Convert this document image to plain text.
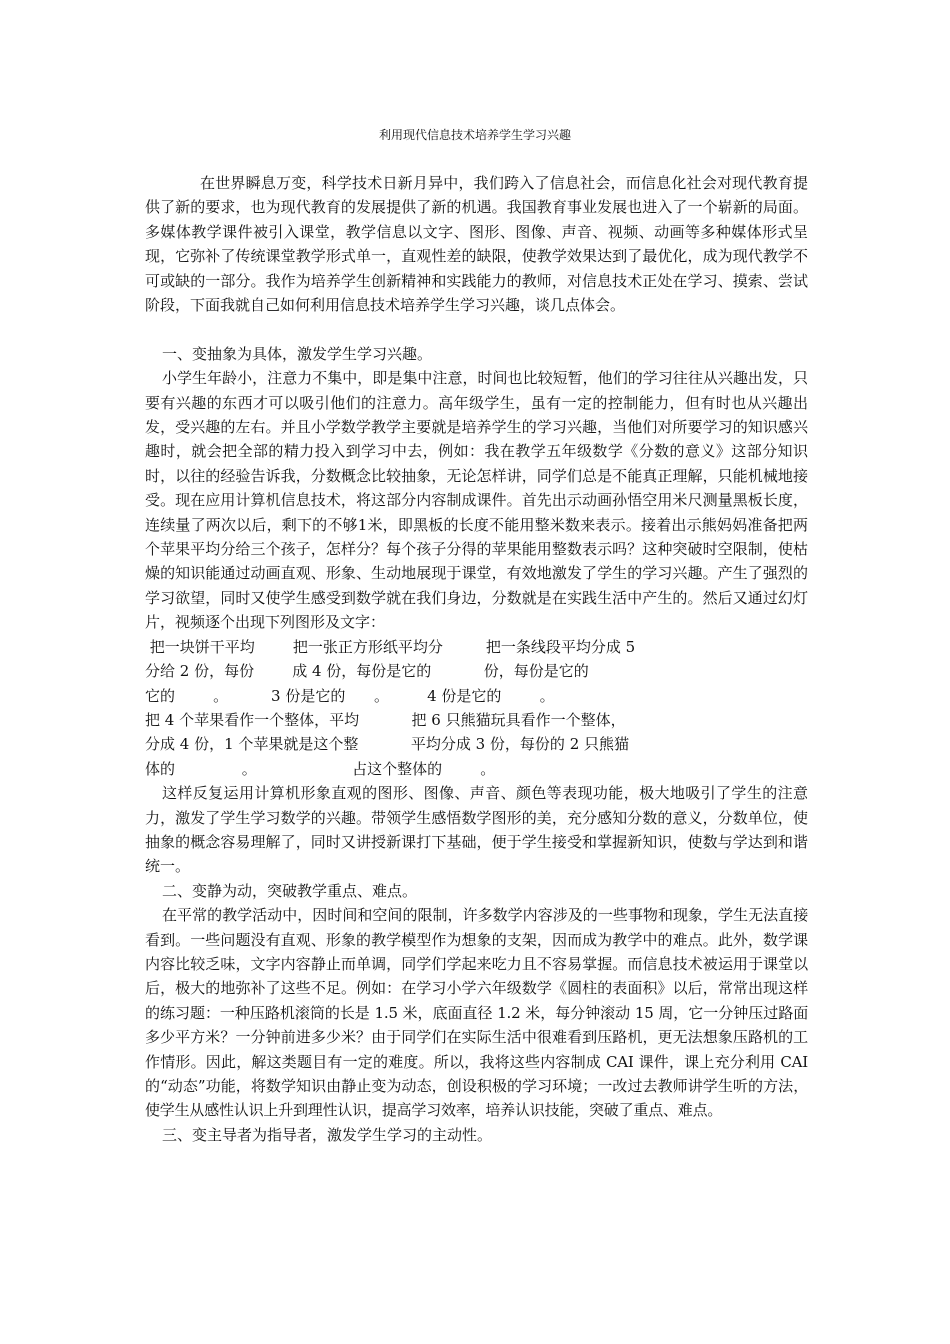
利用现代信息技术培养学生学习兴趣

在世界瞬息万变，科学技术日新月异中，我们跨入了信息社会，而信息化社会对现代教育提供了新的要求，也为现代教育的发展提供了新的机遇。我国教育事业发展也进入了一个崭新的局面。多媒体教学课件被引入课堂，教学信息以文字、图形、图像、声音、视频、动画等多种媒体形式呈现，它弥补了传统课堂教学形式单一，直观性差的缺限，使教学效果达到了最优化，成为现代教学不可或缺的一部分。我作为培养学生创新精神和实践能力的教师，对信息技术正处在学习、摸索、尝试阶段，下面我就自己如何利用信息技术培养学生学习兴趣，谈几点体会。

一、变抽象为具体，激发学生学习兴趣。

小学生年龄小，注意力不集中，即是集中注意，时间也比较短暂，他们的学习往往从兴趣出发，只要有兴趣的东西才可以吸引他们的注意力。高年级学生，虽有一定的控制能力，但有时也从兴趣出发，受兴趣的左右。并且小学数学教学主要就是培养学生的学习兴趣，当他们对所要学习的知识感兴趣时，就会把全部的精力投入到学习中去，例如：我在教学五年级数学《分数的意义》这部分知识时，以往的经验告诉我，分数概念比较抽象，无论怎样讲，同学们总是不能真正理解，只能机械地接受。现在应用计算机信息技术，将这部分内容制成课件。首先出示动画孙悟空用米尺测量黑板长度，连续量了两次以后，剩下的不够1米，即黑板的长度不能用整米数来表示。接着出示熊妈妈准备把两个苹果平均分给三个孩子，怎样分？每个孩子分得的苹果能用整数表示吗？这种突破时空限制，使枯燥的知识能通过动画直观、形象、生动地展现于课堂，有效地激发了学生的学习兴趣。产生了强烈的学习欲望，同时又使学生感受到数学就在我们身边，分数就是在实践生活中产生的。然后又通过幻灯片，视频逐个出现下列图形及文字：

把一块饼干平均        把一张正方形纸平均分         把一条线段平均分成 5

分给 2 份，每份        成 4 份，每份是它的           份，每份是它的

它的        。         3 份是它的      。        4 份是它的        。

把 4 个苹果看作一个整体，平均           把 6 只熊猫玩具看作一个整体，

分成 4 份，1 个苹果就是这个整           平均分成 3 份，每份的 2 只熊猫

体的              。                    占这个整体的        。

这样反复运用计算机形象直观的图形、图像、声音、颜色等表现功能，极大地吸引了学生的注意力，激发了学生学习数学的兴趣。带领学生感悟数学图形的美，充分感知分数的意义，分数单位，使抽象的概念容易理解了，同时又讲授新课打下基础，便于学生接受和掌握新知识，使数与学达到和谐统一。

二、变静为动，突破教学重点、难点。

在平常的教学活动中，因时间和空间的限制，许多数学内容涉及的一些事物和现象，学生无法直接看到。一些问题没有直观、形象的教学模型作为想象的支架，因而成为教学中的难点。此外，数学课内容比较乏味，文字内容静止而单调，同学们学起来吃力且不容易掌握。而信息技术被运用于课堂以后，极大的地弥补了这些不足。例如：在学习小学六年级数学《圆柱的表面积》以后，常常出现这样的练习题：一种压路机滚筒的长是 1.5 米，底面直径 1.2 米，每分钟滚动 15 周，它一分钟压过路面多少平方米？一分钟前进多少米？由于同学们在实际生活中很难看到压路机，更无法想象压路机的工作情形。因此，解这类题目有一定的难度。所以，我将这些内容制成 CAI 课件，课上充分利用 CAI 的“动态”功能，将数学知识由静止变为动态，创设积极的学习环境；一改过去教师讲学生听的方法，使学生从感性认识上升到理性认识，提高学习效率，培养认识技能，突破了重点、难点。

三、变主导者为指导者，激发学生学习的主动性。
